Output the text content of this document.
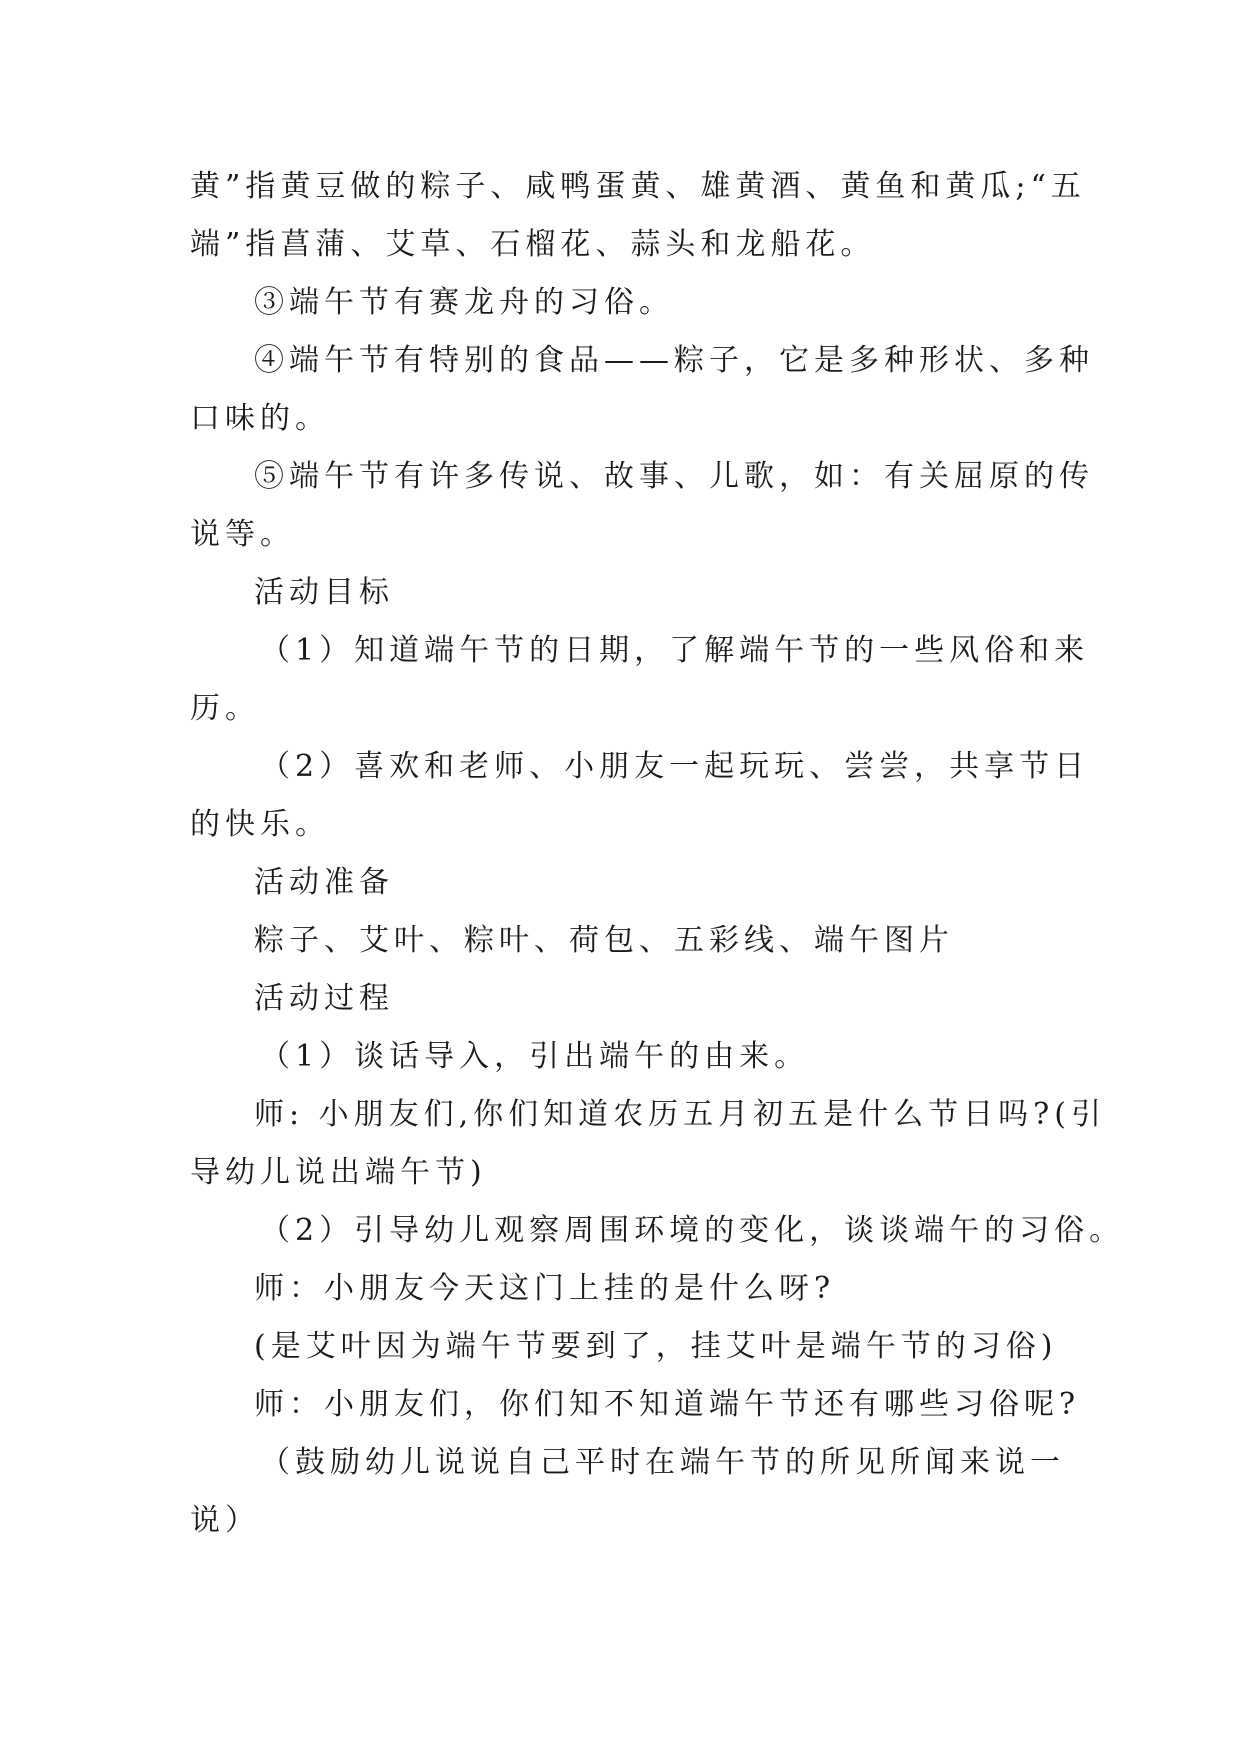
黄”指黄豆做的粽子、咸鸭蛋黄、雄黄酒、黄鱼和黄瓜;“五
端”指菖蒲、艾草、石榴花、蒜头和龙船花。
③端午节有赛龙舟的习俗。
④端午节有特别的食品——粽子，它是多种形状、多种
口味的。
⑤端午节有许多传说、故事、儿歌，如：有关屈原的传
说等。
活动目标
（1）知道端午节的日期，了解端午节的一些风俗和来
历。
（2）喜欢和老师、小朋友一起玩玩、尝尝，共享节日
的快乐。
活动准备
粽子、艾叶、粽叶、荷包、五彩线、端午图片
活动过程
（1）谈话导入，引出端午的由来。
师: 小朋友们,你们知道农历五月初五是什么节日吗?(引
导幼儿说出端午节)
（2）引导幼儿观察周围环境的变化，谈谈端午的习俗。
师：小朋友今天这门上挂的是什么呀?
(是艾叶因为端午节要到了，挂艾叶是端午节的习俗)
师：小朋友们，你们知不知道端午节还有哪些习俗呢?
（鼓励幼儿说说自己平时在端午节的所见所闻来说一
说）
